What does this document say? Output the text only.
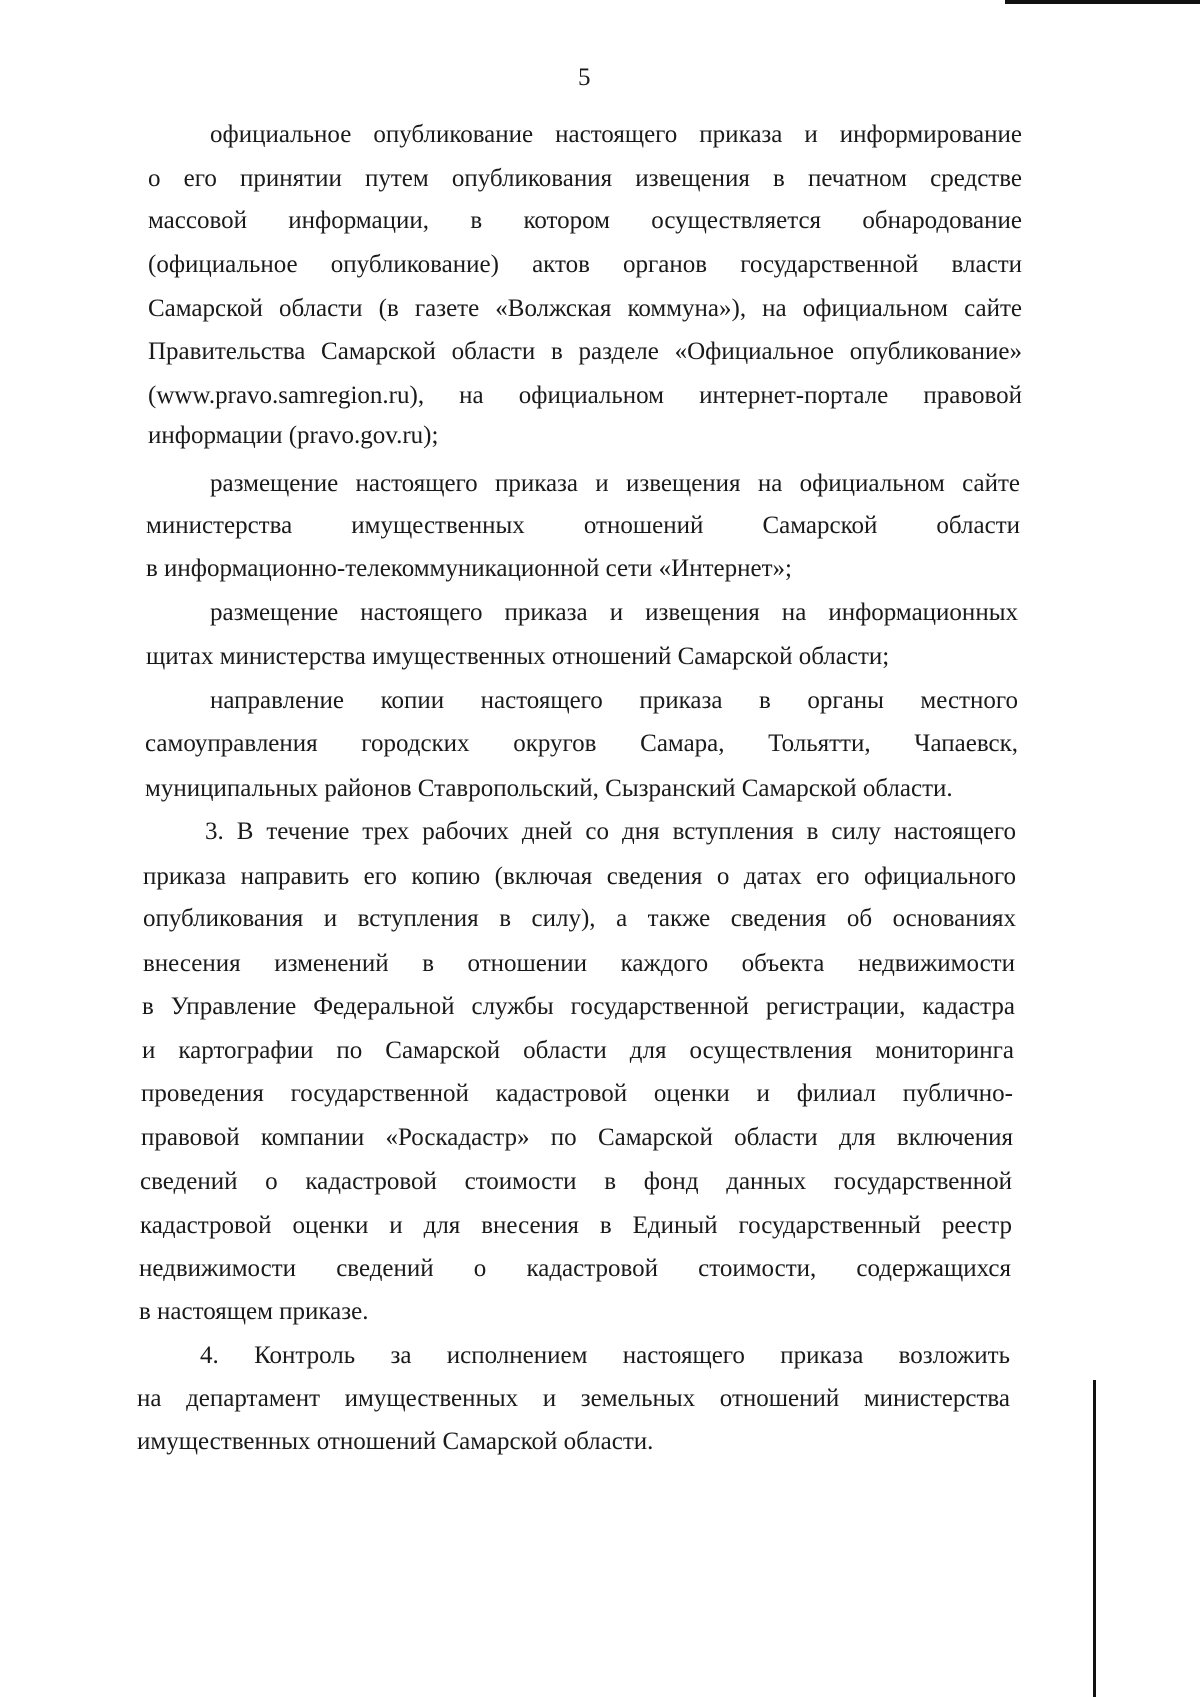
5
официальное опубликование настоящего приказа и информирование
о его принятии путем опубликования извещения в печатном средстве
массовой информации, в котором осуществляется обнародование
(официальное опубликование) актов органов государственной власти
Самарской области (в газете «Волжская коммуна»), на официальном сайте
Правительства Самарской области в разделе «Официальное опубликование»
(www.pravo.samregion.ru), на официальном интернет-портале правовой
информации (pravo.gov.ru);
размещение настоящего приказа и извещения на официальном сайте
министерства имущественных отношений Самарской области
в информационно-телекоммуникационной сети «Интернет»;
размещение настоящего приказа и извещения на информационных
щитах министерства имущественных отношений Самарской области;
направление копии настоящего приказа в органы местного
самоуправления городских округов Самара, Тольятти, Чапаевск,
муниципальных районов Ставропольский, Сызранский Самарской области.
3. В течение трех рабочих дней со дня вступления в силу настоящего
приказа направить его копию (включая сведения о датах его официального
опубликования и вступления в силу), а также сведения об основаниях
внесения изменений в отношении каждого объекта недвижимости
в Управление Федеральной службы государственной регистрации, кадастра
и картографии по Самарской области для осуществления мониторинга
проведения государственной кадастровой оценки и филиал публично-
правовой компании «Роскадастр» по Самарской области для включения
сведений о кадастровой стоимости в фонд данных государственной
кадастровой оценки и для внесения в Единый государственный реестр
недвижимости сведений о кадастровой стоимости, содержащихся
в настоящем приказе.
4. Контроль за исполнением настоящего приказа возложить
на департамент имущественных и земельных отношений министерства
имущественных отношений Самарской области.
